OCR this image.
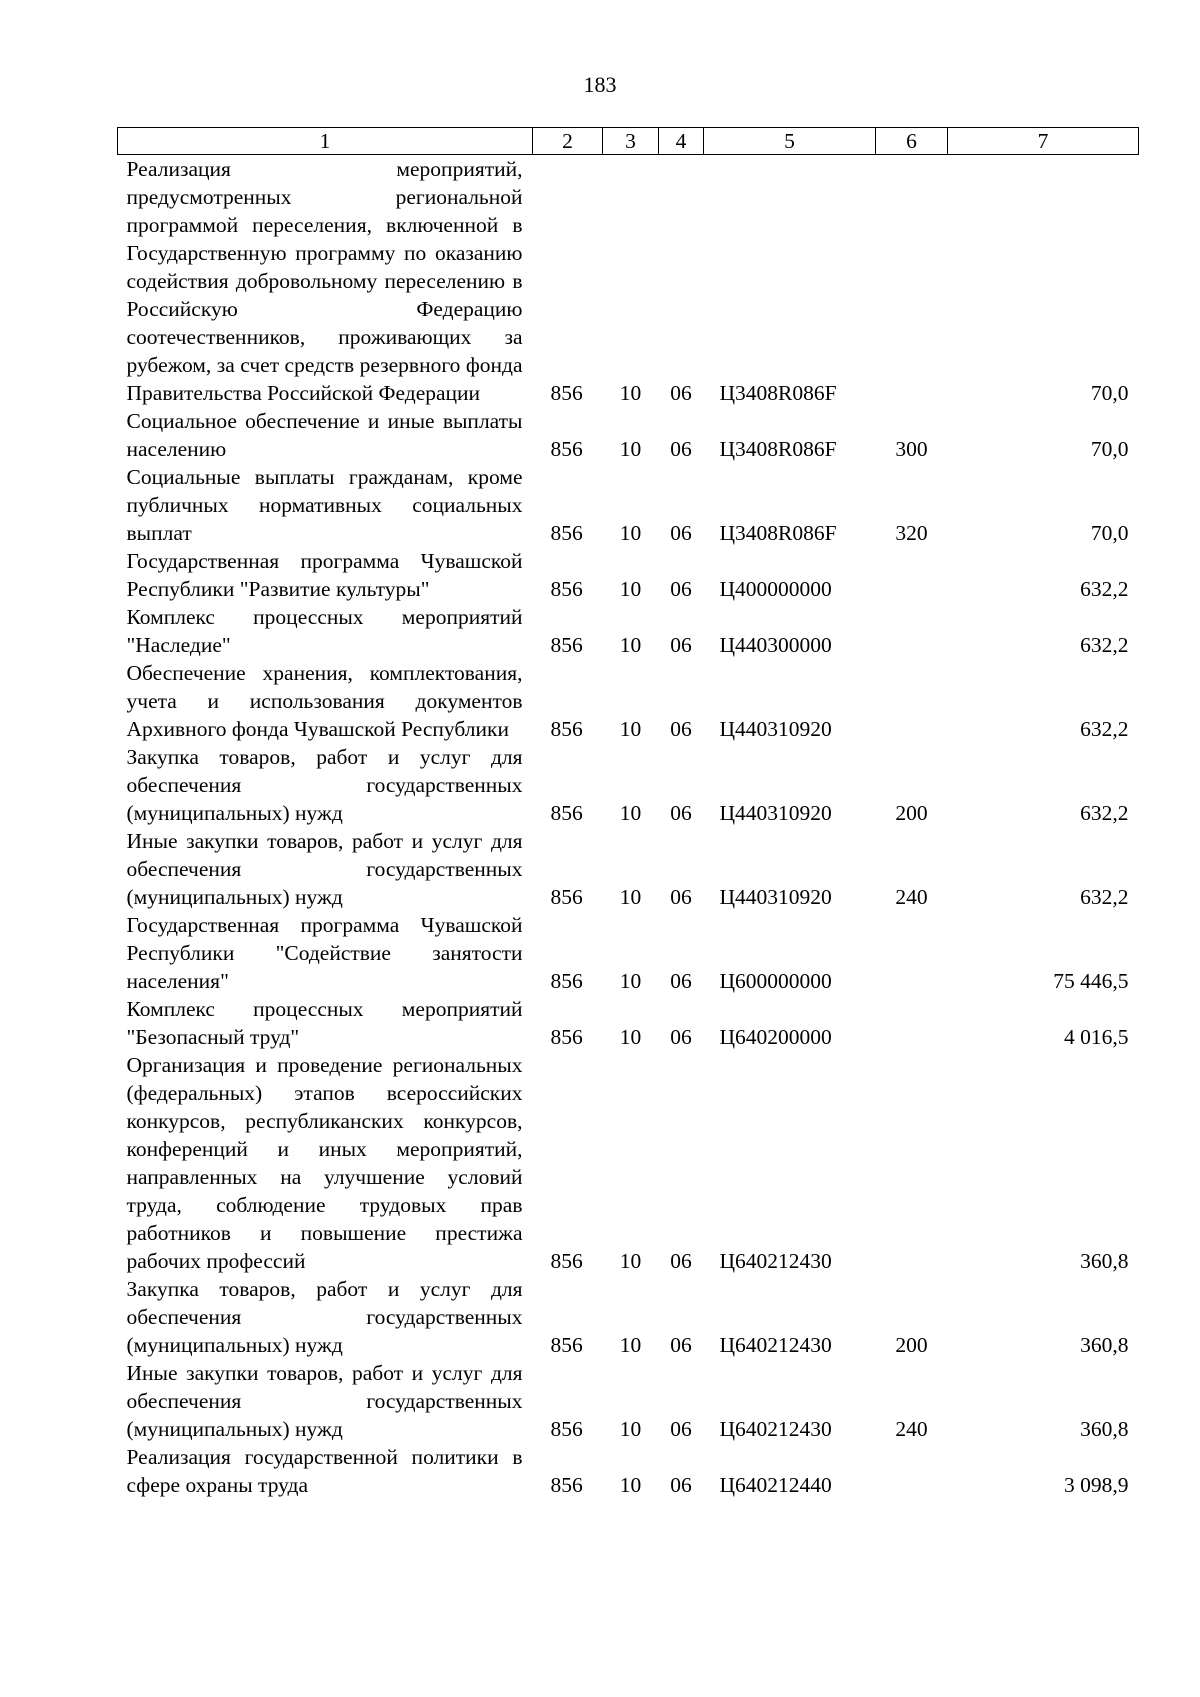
183
1	2	3	4	5	6	7
Реализация мероприятий, предусмотренных региональной программой переселения, включенной в Государственную программу по оказанию содействия добровольному переселению в Российскую Федерацию соотечественников, проживающих за рубежом, за счет средств резервного фонда Правительства Российской Федерации	856	10	06	Ц3408R086F		70,0
Социальное обеспечение и иные выплаты населению	856	10	06	Ц3408R086F	300	70,0
Социальные выплаты гражданам, кроме публичных нормативных социальных выплат	856	10	06	Ц3408R086F	320	70,0
Государственная программа Чувашской Республики "Развитие культуры"	856	10	06	Ц400000000		632,2
Комплекс процессных мероприятий "Наследие"	856	10	06	Ц440300000		632,2
Обеспечение хранения, комплектования, учета и использования документов Архивного фонда Чувашской Республики	856	10	06	Ц440310920		632,2
Закупка товаров, работ и услуг для обеспечения государственных (муниципальных) нужд	856	10	06	Ц440310920	200	632,2
Иные закупки товаров, работ и услуг для обеспечения государственных (муниципальных) нужд	856	10	06	Ц440310920	240	632,2
Государственная программа Чувашской Республики "Содействие занятости населения"	856	10	06	Ц600000000		75 446,5
Комплекс процессных мероприятий "Безопасный труд"	856	10	06	Ц640200000		4 016,5
Организация и проведение региональных (федеральных) этапов всероссийских конкурсов, республиканских конкурсов, конференций и иных мероприятий, направленных на улучшение условий труда, соблюдение трудовых прав работников и повышение престижа рабочих профессий	856	10	06	Ц640212430		360,8
Закупка товаров, работ и услуг для обеспечения государственных (муниципальных) нужд	856	10	06	Ц640212430	200	360,8
Иные закупки товаров, работ и услуг для обеспечения государственных (муниципальных) нужд	856	10	06	Ц640212430	240	360,8
Реализация государственной политики в сфере охраны труда	856	10	06	Ц640212440		3 098,9
